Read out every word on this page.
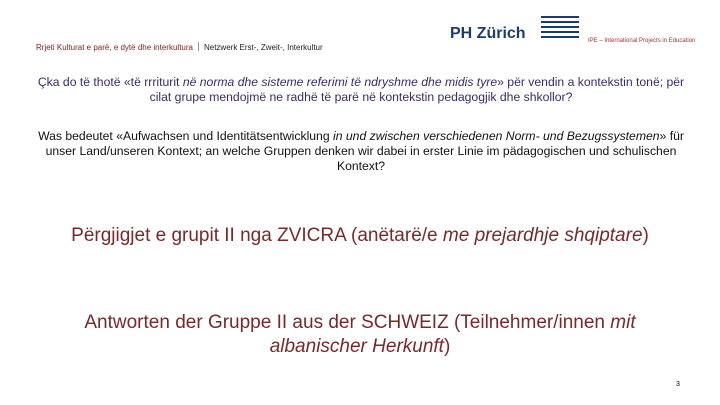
Rrjeti Kulturat e parë, e dytë dhe interkultura Netzwerk Erst-, Zweit-, Interkultur
PH Zürich	IPE – International Projects in Education
Çka do të thotë «të rrriturit në norma dhe sisteme referimi të ndryshme dhe midis tyre» për vendin a kontekstin tonë; për cilat grupe mendojmë ne radhë të parë në kontekstin pedagogjik dhe shkollor?
Was bedeutet «Aufwachsen und Identitätsentwicklung in und zwischen verschiedenen Norm- und Bezugssystemen» für unser Land/unseren Kontext; an welche Gruppen denken wir dabei in erster Linie im pädagogischen und schulischen Kontext?
Përgjigjet e grupit II nga ZVICRA (anëtarë/e me prejardhje shqiptare)
Antworten der Gruppe II aus der SCHWEIZ (Teilnehmer/innen mit albanischer Herkunft)
3
